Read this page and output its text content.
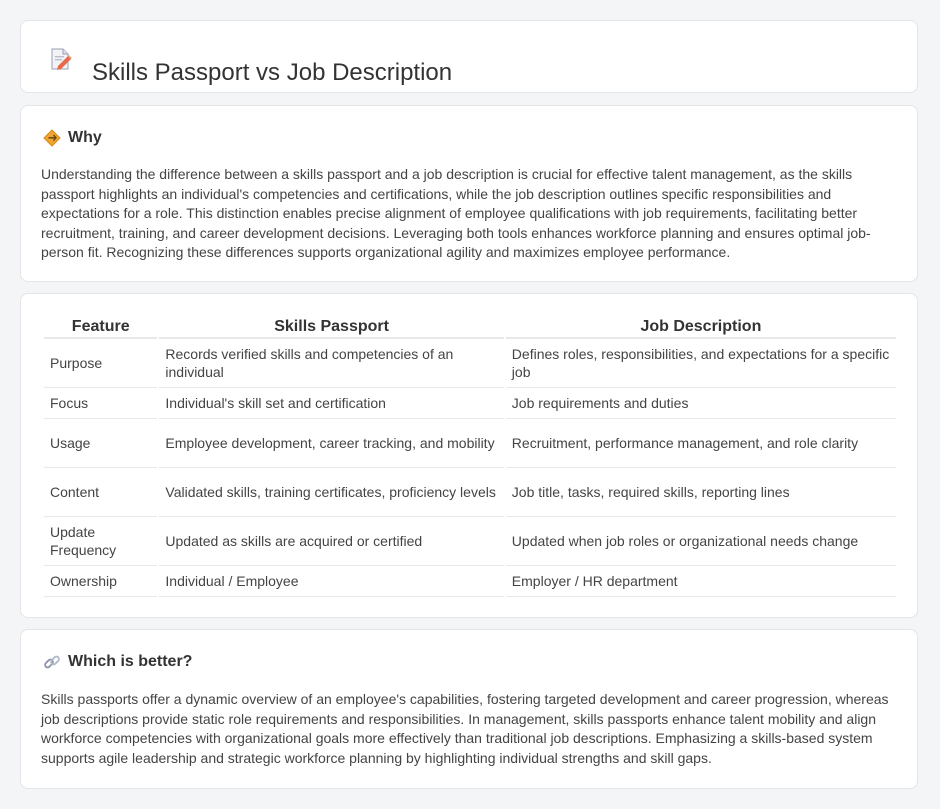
Skills Passport vs Job Description
Why

Understanding the difference between a skills passport and a job description is crucial for effective talent management, as the skills passport highlights an individual's competencies and certifications, while the job description outlines specific responsibilities and expectations for a role. This distinction enables precise alignment of employee qualifications with job requirements, facilitating better recruitment, training, and career development decisions. Leveraging both tools enhances workforce planning and ensures optimal job-person fit. Recognizing these differences supports organizational agility and maximizes employee performance.

Feature	Skills Passport	Job Description
Purpose	Records verified skills and competencies of an individual	Defines roles, responsibilities, and expectations for a specific job
Focus	Individual's skill set and certification	Job requirements and duties
Usage	Employee development, career tracking, and mobility	Recruitment, performance management, and role clarity
Content	Validated skills, training certificates, proficiency levels	Job title, tasks, required skills, reporting lines
Update Frequency	Updated as skills are acquired or certified	Updated when job roles or organizational needs change
Ownership	Individual / Employee	Employer / HR department
Which is better?

Skills passports offer a dynamic overview of an employee's capabilities, fostering targeted development and career progression, whereas job descriptions provide static role requirements and responsibilities. In management, skills passports enhance talent mobility and align workforce competencies with organizational goals more effectively than traditional job descriptions. Emphasizing a skills-based system supports agile leadership and strategic workforce planning by highlighting individual strengths and skill gaps.
